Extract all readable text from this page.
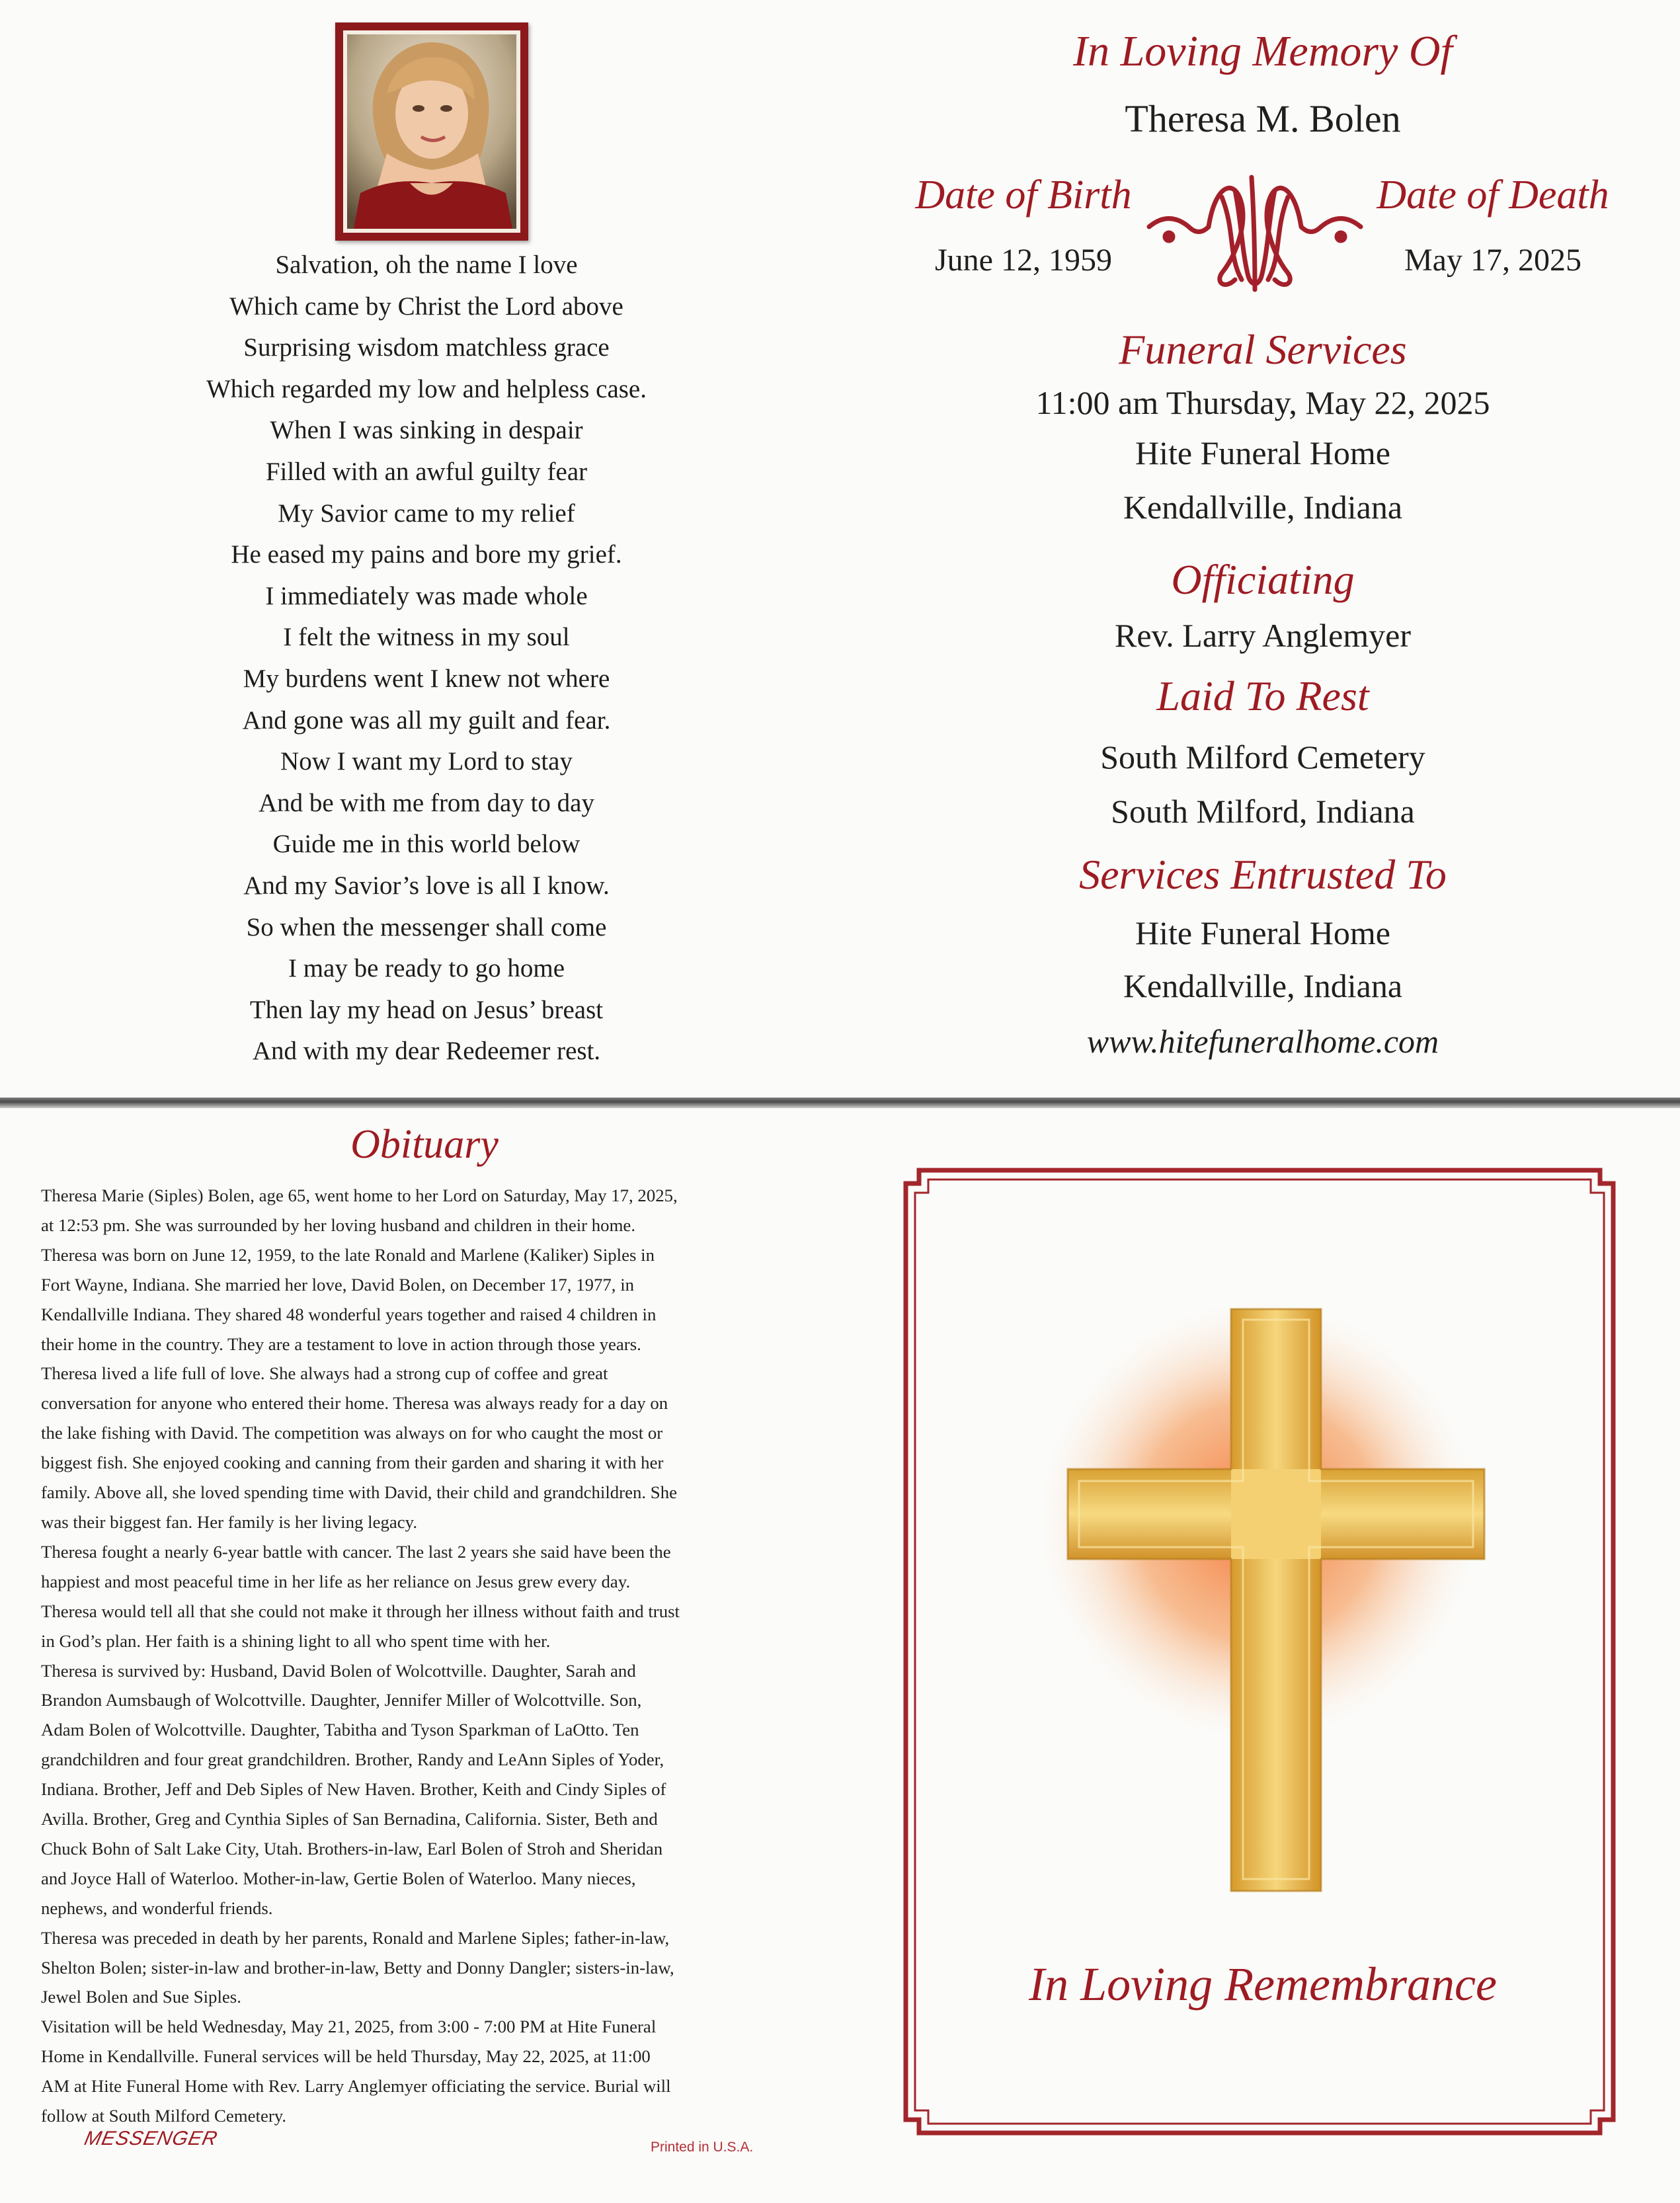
Salvation, oh the name I love
Which came by Christ the Lord above
Surprising wisdom matchless grace
Which regarded my low and helpless case.
When I was sinking in despair
Filled with an awful guilty fear
My Savior came to my relief
He eased my pains and bore my grief.
I immediately was made whole
I felt the witness in my soul
My burdens went I knew not where
And gone was all my guilt and fear.
Now I want my Lord to stay
And be with me from day to day
Guide me in this world below
And my Savior’s love is all I know.
So when the messenger shall come
I may be ready to go home
Then lay my head on Jesus’ breast
And with my dear Redeemer rest.
In Loving Memory Of
Theresa M. Bolen
Date of Birth
June 12, 1959
Date of Death
May 17, 2025
Funeral Services
11:00 am Thursday, May 22, 2025
Hite Funeral Home
Kendallville, Indiana
Officiating
Rev. Larry Anglemyer
Laid To Rest
South Milford Cemetery
South Milford, Indiana
Services Entrusted To
Hite Funeral Home
Kendallville, Indiana
www.hitefuneralhome.com
Obituary
Theresa Marie (Siples) Bolen, age 65, went home to her Lord on Saturday, May 17, 2025,
at 12:53 pm. She was surrounded by her loving husband and children in their home.
Theresa was born on June 12, 1959, to the late Ronald and Marlene (Kaliker) Siples in
Fort Wayne, Indiana. She married her love, David Bolen, on December 17, 1977, in
Kendallville Indiana. They shared 48 wonderful years together and raised 4 children in
their home in the country. They are a testament to love in action through those years.
Theresa lived a life full of love. She always had a strong cup of coffee and great
conversation for anyone who entered their home. Theresa was always ready for a day on
the lake fishing with David. The competition was always on for who caught the most or
biggest fish. She enjoyed cooking and canning from their garden and sharing it with her
family. Above all, she loved spending time with David, their child and grandchildren. She
was their biggest fan. Her family is her living legacy.
Theresa fought a nearly 6-year battle with cancer. The last 2 years she said have been the
happiest and most peaceful time in her life as her reliance on Jesus grew every day.
Theresa would tell all that she could not make it through her illness without faith and trust
in God’s plan. Her faith is a shining light to all who spent time with her.
Theresa is survived by: Husband, David Bolen of Wolcottville. Daughter, Sarah and
Brandon Aumsbaugh of Wolcottville. Daughter, Jennifer Miller of Wolcottville. Son,
Adam Bolen of Wolcottville. Daughter, Tabitha and Tyson Sparkman of LaOtto. Ten
grandchildren and four great grandchildren. Brother, Randy and LeAnn Siples of Yoder,
Indiana. Brother, Jeff and Deb Siples of New Haven. Brother, Keith and Cindy Siples of
Avilla. Brother, Greg and Cynthia Siples of San Bernadina, California. Sister, Beth and
Chuck Bohn of Salt Lake City, Utah. Brothers-in-law, Earl Bolen of Stroh and Sheridan
and Joyce Hall of Waterloo. Mother-in-law, Gertie Bolen of Waterloo. Many nieces,
nephews, and wonderful friends.
Theresa was preceded in death by her parents, Ronald and Marlene Siples; father-in-law,
Shelton Bolen; sister-in-law and brother-in-law, Betty and Donny Dangler; sisters-in-law,
Jewel Bolen and Sue Siples.
Visitation will be held Wednesday, May 21, 2025, from 3:00 - 7:00 PM at Hite Funeral
Home in Kendallville. Funeral services will be held Thursday, May 22, 2025, at 11:00
AM at Hite Funeral Home with Rev. Larry Anglemyer officiating the service. Burial will
follow at South Milford Cemetery.
MESSENGER	Printed in U.S.A.
In Loving Remembrance
